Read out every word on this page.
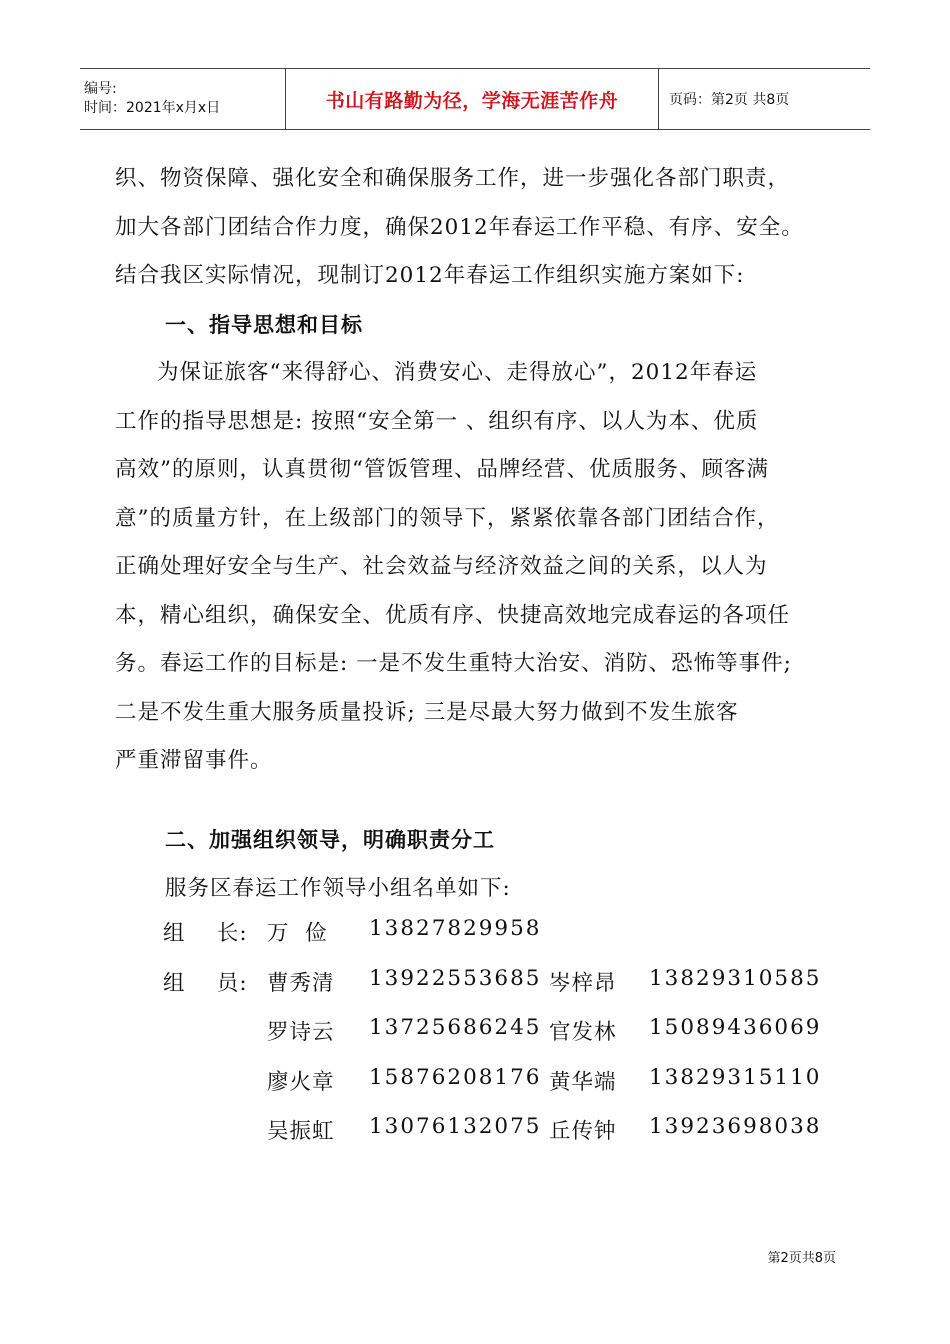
编号:
时间：2021年x月x日	书山有路勤为径，学海无涯苦作舟	页码：第2页 共8页

织、物资保障、强化安全和确保服务工作，进一步强化各部门职责，

加大各部门团结合作力度，确保2012年春运工作平稳、有序、安全。

结合我区实际情况，现制订2012年春运工作组织实施方案如下:

一、指导思想和目标

为保证旅客“来得舒心、消费安心、走得放心”，2012年春运

工作的指导思想是: 按照“安全第一 、组织有序、以人为本、优质

高效”的原则，认真贯彻“管饭管理、品牌经营、优质服务、顾客满

意”的质量方针，在上级部门的领导下，紧紧依靠各部门团结合作，

正确处理好安全与生产、社会效益与经济效益之间的关系，以人为

本，精心组织，确保安全、优质有序、快捷高效地完成春运的各项任

务。春运工作的目标是: 一是不发生重特大治安、消防、恐怖等事件;

二是不发生重大服务质量投诉; 三是尽最大努力做到不发生旅客

严重滞留事件。

二、加强组织领导，明确职责分工

服务区春运工作领导小组名单如下:

组    长: 万  俭 13827829958
组    员: 曹秀清 13922553685 岑梓昂 13829310585
罗诗云 13725686245 官发林 15089436069
廖火章 15876208176 黄华端 13829315110
吴振虹 13076132075 丘传钟 13923698038
第2页共8页
